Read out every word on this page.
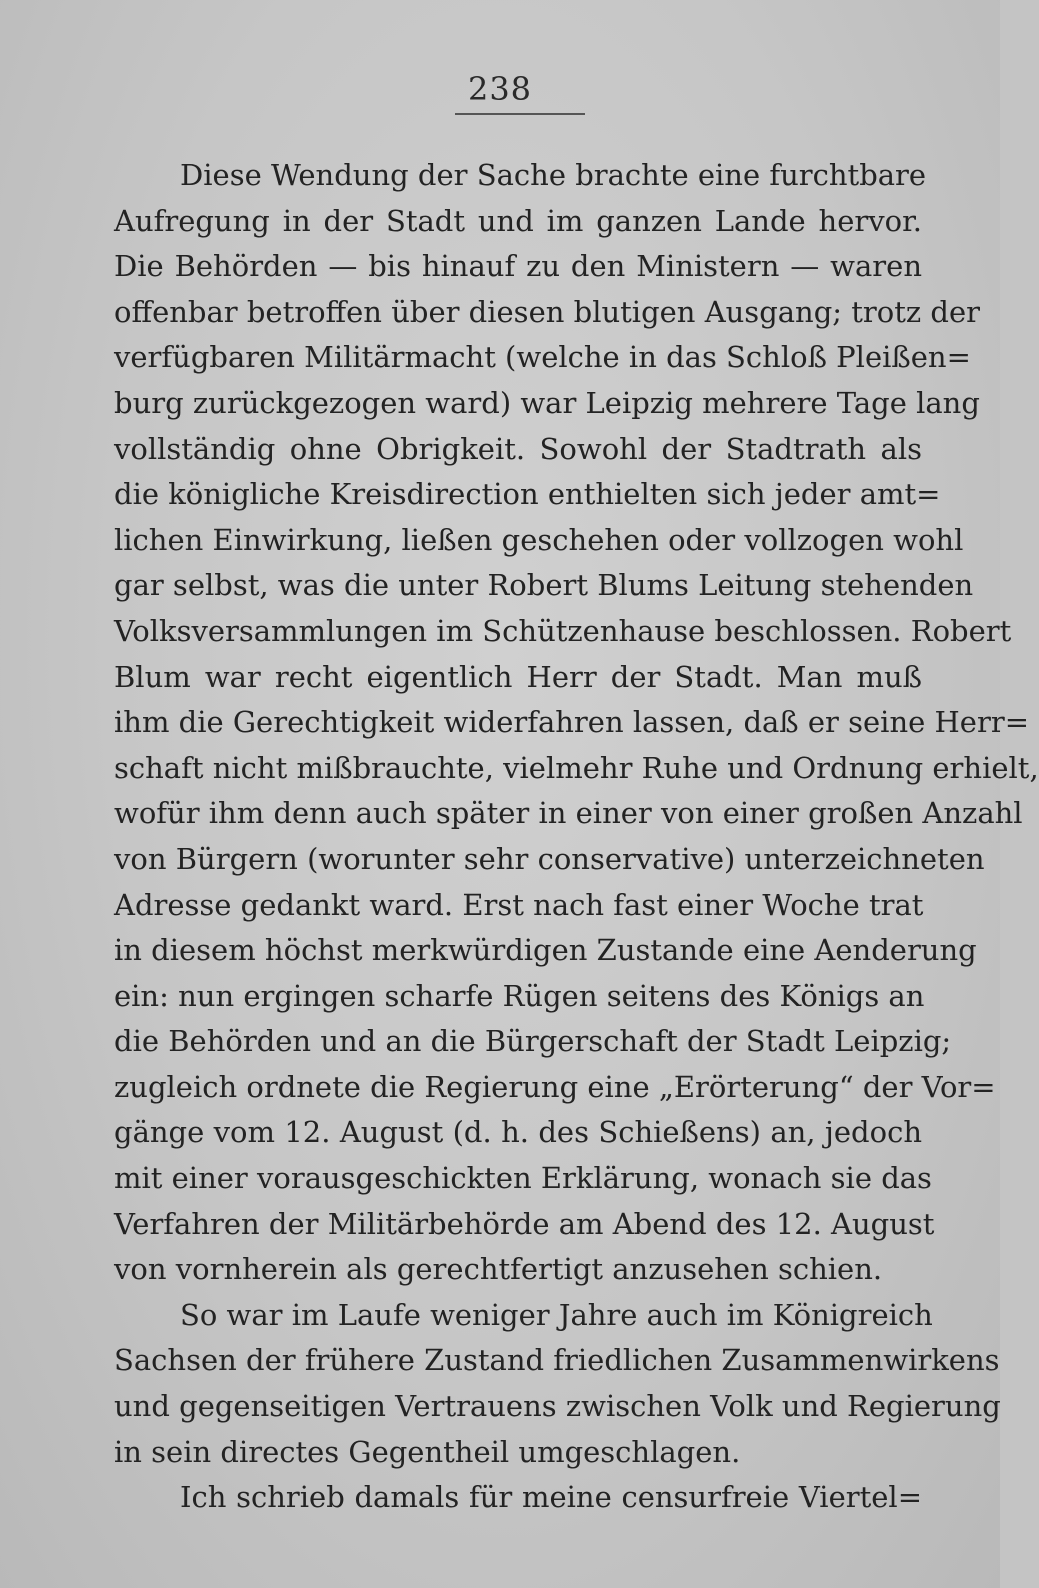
238
Diese Wendung der Sache brachte eine furchtbare
Aufregung in der Stadt und im ganzen Lande hervor.
Die Behörden — bis hinauf zu den Ministern — waren
offenbar betroffen über diesen blutigen Ausgang; trotz der
verfügbaren Militärmacht (welche in das Schloß Pleißen=
burg zurückgezogen ward) war Leipzig mehrere Tage lang
vollständig ohne Obrigkeit. Sowohl der Stadtrath als
die königliche Kreisdirection enthielten sich jeder amt=
lichen Einwirkung, ließen geschehen oder vollzogen wohl
gar selbst, was die unter Robert Blums Leitung stehenden
Volksversammlungen im Schützenhause beschlossen. Robert
Blum war recht eigentlich Herr der Stadt. Man muß
ihm die Gerechtigkeit widerfahren lassen, daß er seine Herr=
schaft nicht mißbrauchte, vielmehr Ruhe und Ordnung erhielt,
wofür ihm denn auch später in einer von einer großen Anzahl
von Bürgern (worunter sehr conservative) unterzeichneten
Adresse gedankt ward. Erst nach fast einer Woche trat
in diesem höchst merkwürdigen Zustande eine Aenderung
ein: nun ergingen scharfe Rügen seitens des Königs an
die Behörden und an die Bürgerschaft der Stadt Leipzig;
zugleich ordnete die Regierung eine „Erörterung“ der Vor=
gänge vom 12. August (d. h. des Schießens) an, jedoch
mit einer vorausgeschickten Erklärung, wonach sie das
Verfahren der Militärbehörde am Abend des 12. August
von vornherein als gerechtfertigt anzusehen schien.
So war im Laufe weniger Jahre auch im Königreich
Sachsen der frühere Zustand friedlichen Zusammenwirkens
und gegenseitigen Vertrauens zwischen Volk und Regierung
in sein directes Gegentheil umgeschlagen.
Ich schrieb damals für meine censurfreie Viertel=
